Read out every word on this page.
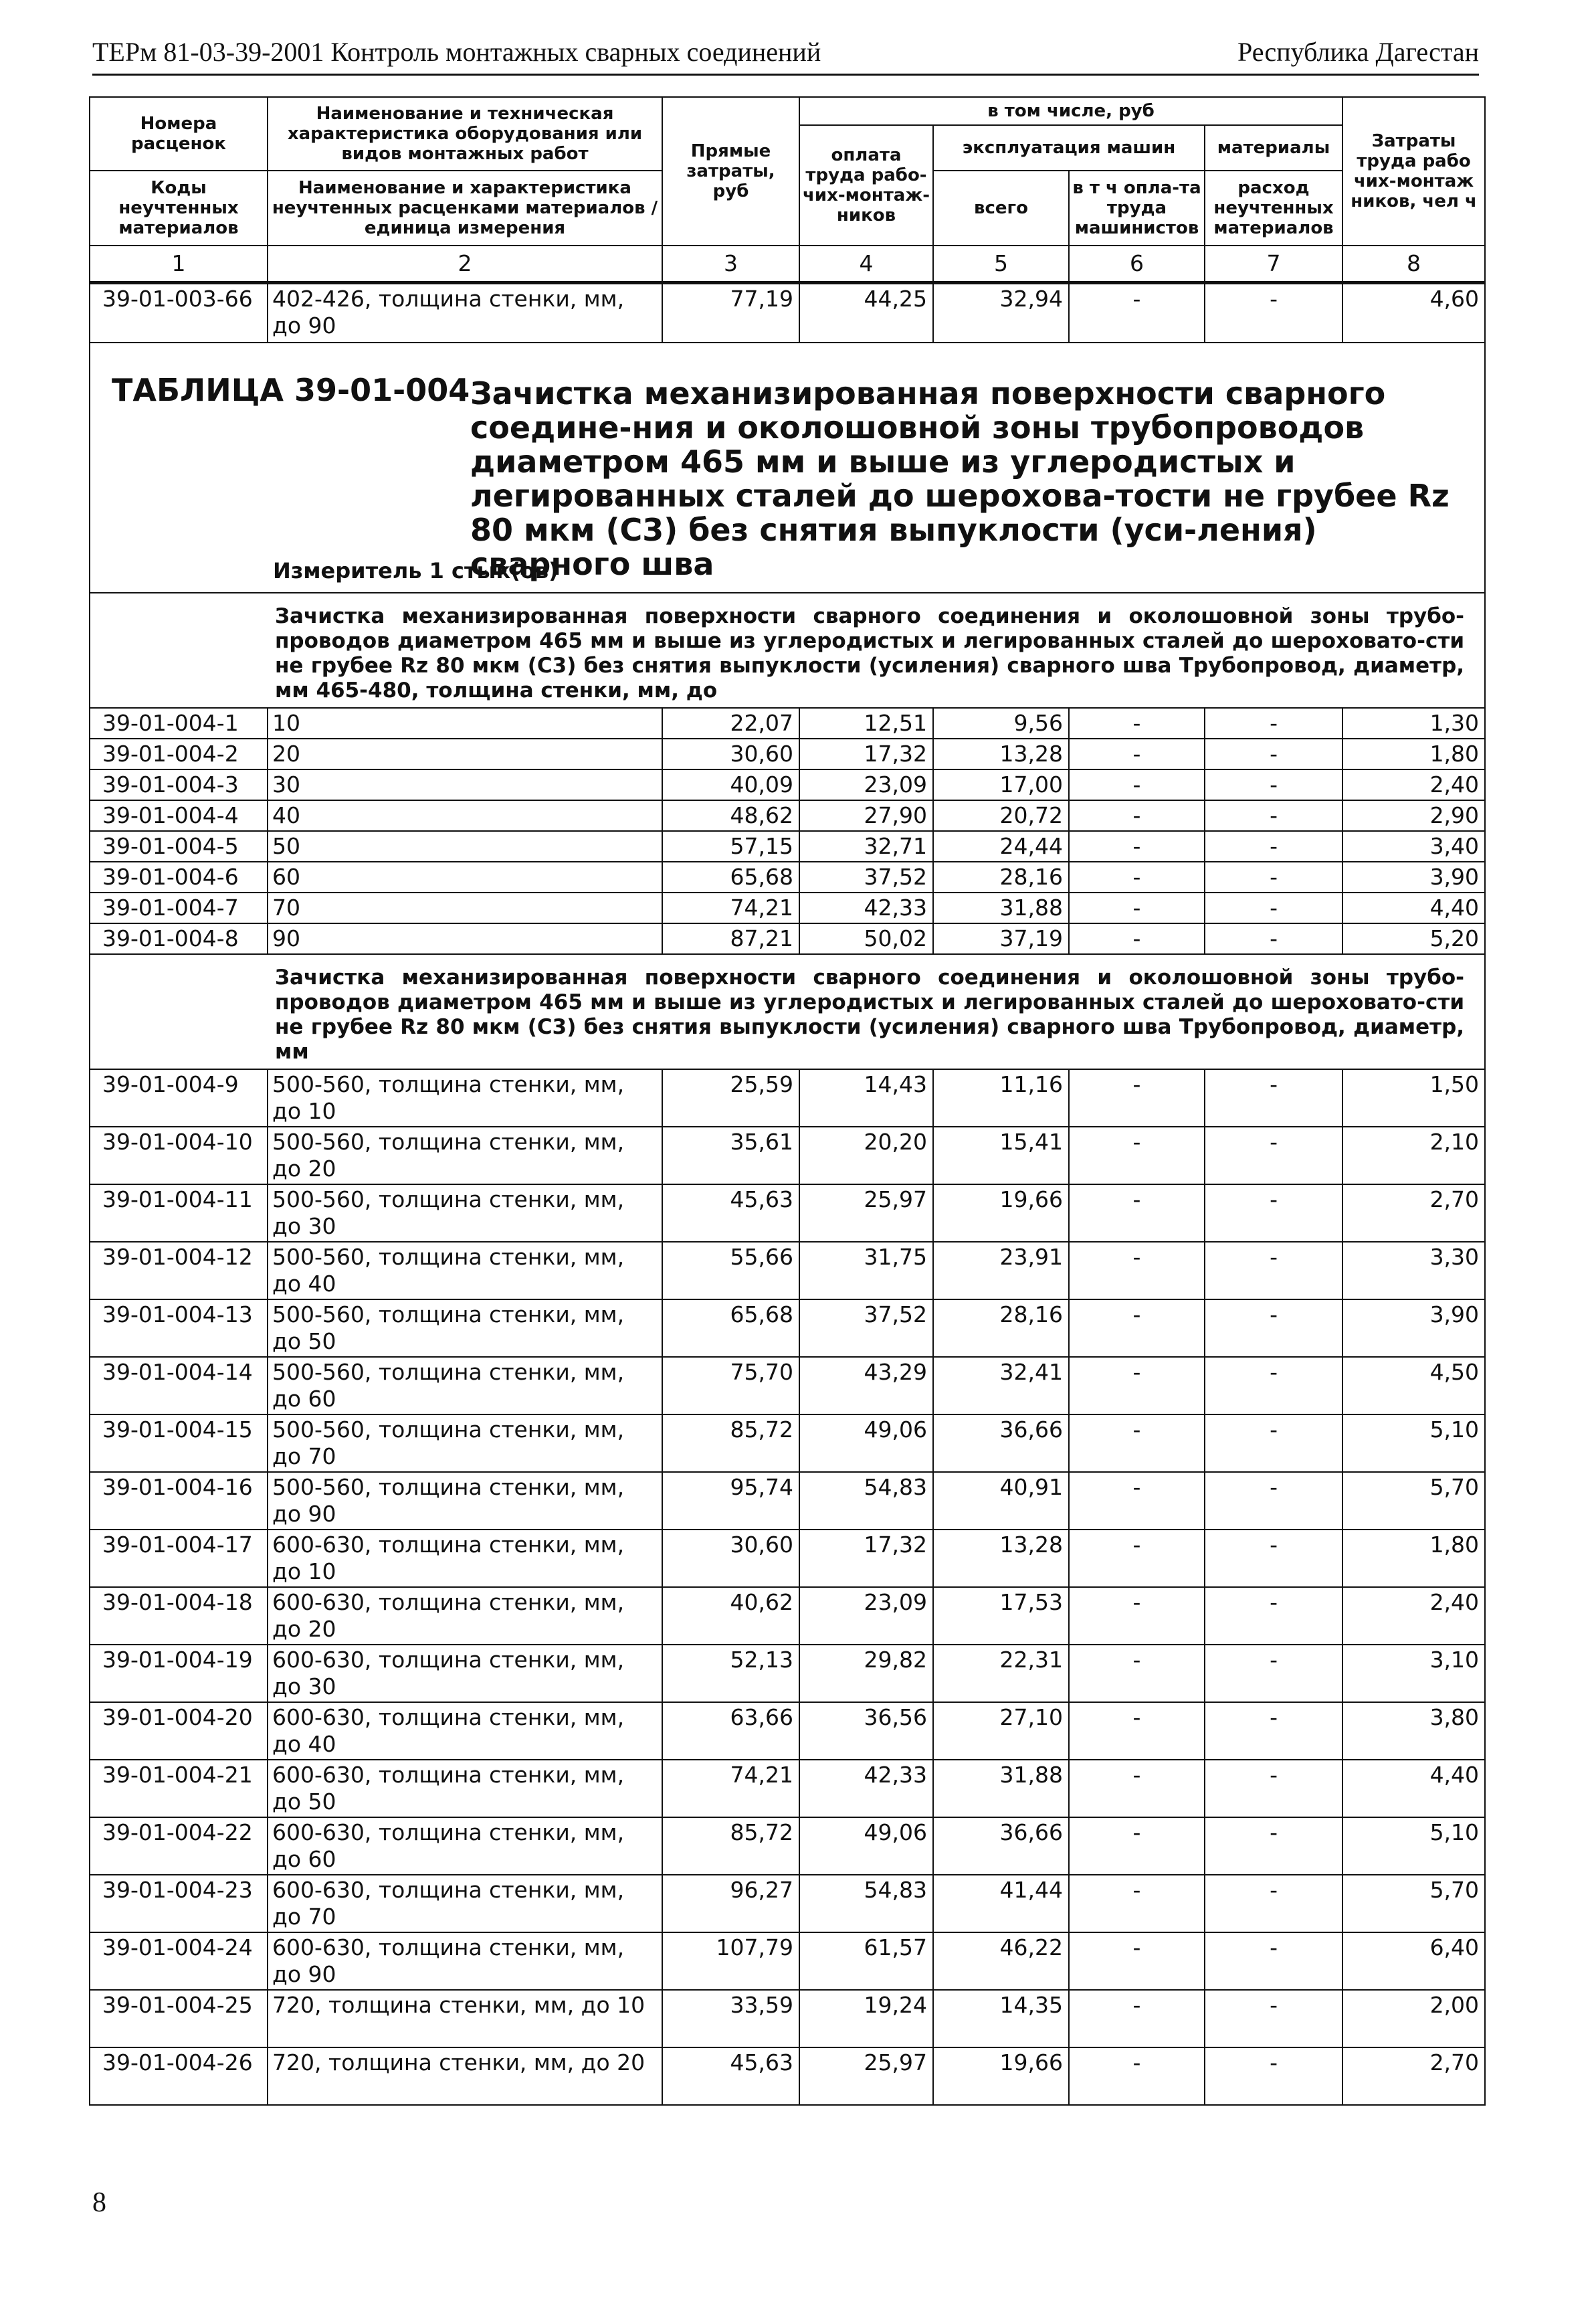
ТЕРм 81-03-39-2001 Контроль монтажных сварных соединений	Республика Дагестан
Номера расценок	Наименование и техническая характеристика оборудования или видов монтажных работ	Прямые затраты, руб	в том числе, руб				Затраты труда рабо чих-монтаж ников, чел ч
			оплата труда рабо-чих-монтаж-ников	эксплуатация машин		материалы	
Коды неучтенных материалов	Наименование и характеристика неучтенных расценками материалов / единица измерения			всего	в т ч опла-та труда машинистов	расход неучтенных материалов	

1	2	3	4	5	6	7	8
39-01-003-66	402-426, толщина стенки, мм, до 90	77,19	44,25	32,94	-	-	4,60

ТАБЛИЦА 39-01-004 Зачистка механизированная поверхности сварного соедине-ния и околошовной зоны трубопроводов диаметром 465 мм и выше из углеродистых и легированных сталей до шерохова-тости не грубее Rz 80 мкм (С3) без снятия выпуклости (уси-ления) сварного шва
Измеритель 1 стык(ов)							

Зачистка механизированная поверхности сварного соединения и околошовной зоны трубо-проводов диаметром 465 мм и выше из углеродистых и легированных сталей до шероховато-сти не грубее Rz 80 мкм (С3) без снятия выпуклости (усиления) сварного шва Трубопровод, диаметр, мм 465-480, толщина стенки, мм, до							

39-01-004-1	10	22,07	12,51	9,56	-	-	1,30
39-01-004-2	20	30,60	17,32	13,28	-	-	1,80
39-01-004-3	30	40,09	23,09	17,00	-	-	2,40
39-01-004-4	40	48,62	27,90	20,72	-	-	2,90
39-01-004-5	50	57,15	32,71	24,44	-	-	3,40
39-01-004-6	60	65,68	37,52	28,16	-	-	3,90
39-01-004-7	70	74,21	42,33	31,88	-	-	4,40
39-01-004-8	90	87,21	50,02	37,19	-	-	5,20

Зачистка механизированная поверхности сварного соединения и околошовной зоны трубо-проводов диаметром 465 мм и выше из углеродистых и легированных сталей до шероховато-сти не грубее Rz 80 мкм (С3) без снятия выпуклости (усиления) сварного шва Трубопровод, диаметр, мм							

39-01-004-9	500-560, толщина стенки, мм, до 10	25,59	14,43	11,16	-	-	1,50
39-01-004-10	500-560, толщина стенки, мм, до 20	35,61	20,20	15,41	-	-	2,10
39-01-004-11	500-560, толщина стенки, мм, до 30	45,63	25,97	19,66	-	-	2,70
39-01-004-12	500-560, толщина стенки, мм, до 40	55,66	31,75	23,91	-	-	3,30
39-01-004-13	500-560, толщина стенки, мм, до 50	65,68	37,52	28,16	-	-	3,90
39-01-004-14	500-560, толщина стенки, мм, до 60	75,70	43,29	32,41	-	-	4,50
39-01-004-15	500-560, толщина стенки, мм, до 70	85,72	49,06	36,66	-	-	5,10
39-01-004-16	500-560, толщина стенки, мм, до 90	95,74	54,83	40,91	-	-	5,70
39-01-004-17	600-630, толщина стенки, мм, до 10	30,60	17,32	13,28	-	-	1,80
39-01-004-18	600-630, толщина стенки, мм, до 20	40,62	23,09	17,53	-	-	2,40
39-01-004-19	600-630, толщина стенки, мм, до 30	52,13	29,82	22,31	-	-	3,10
39-01-004-20	600-630, толщина стенки, мм, до 40	63,66	36,56	27,10	-	-	3,80
39-01-004-21	600-630, толщина стенки, мм, до 50	74,21	42,33	31,88	-	-	4,40
39-01-004-22	600-630, толщина стенки, мм, до 60	85,72	49,06	36,66	-	-	5,10
39-01-004-23	600-630, толщина стенки, мм, до 70	96,27	54,83	41,44	-	-	5,70
39-01-004-24	600-630, толщина стенки, мм, до 90	107,79	61,57	46,22	-	-	6,40
39-01-004-25	720, толщина стенки, мм, до 10	33,59	19,24	14,35	-	-	2,00
39-01-004-26	720, толщина стенки, мм, до 20	45,63	25,97	19,66	-	-	2,70
8
